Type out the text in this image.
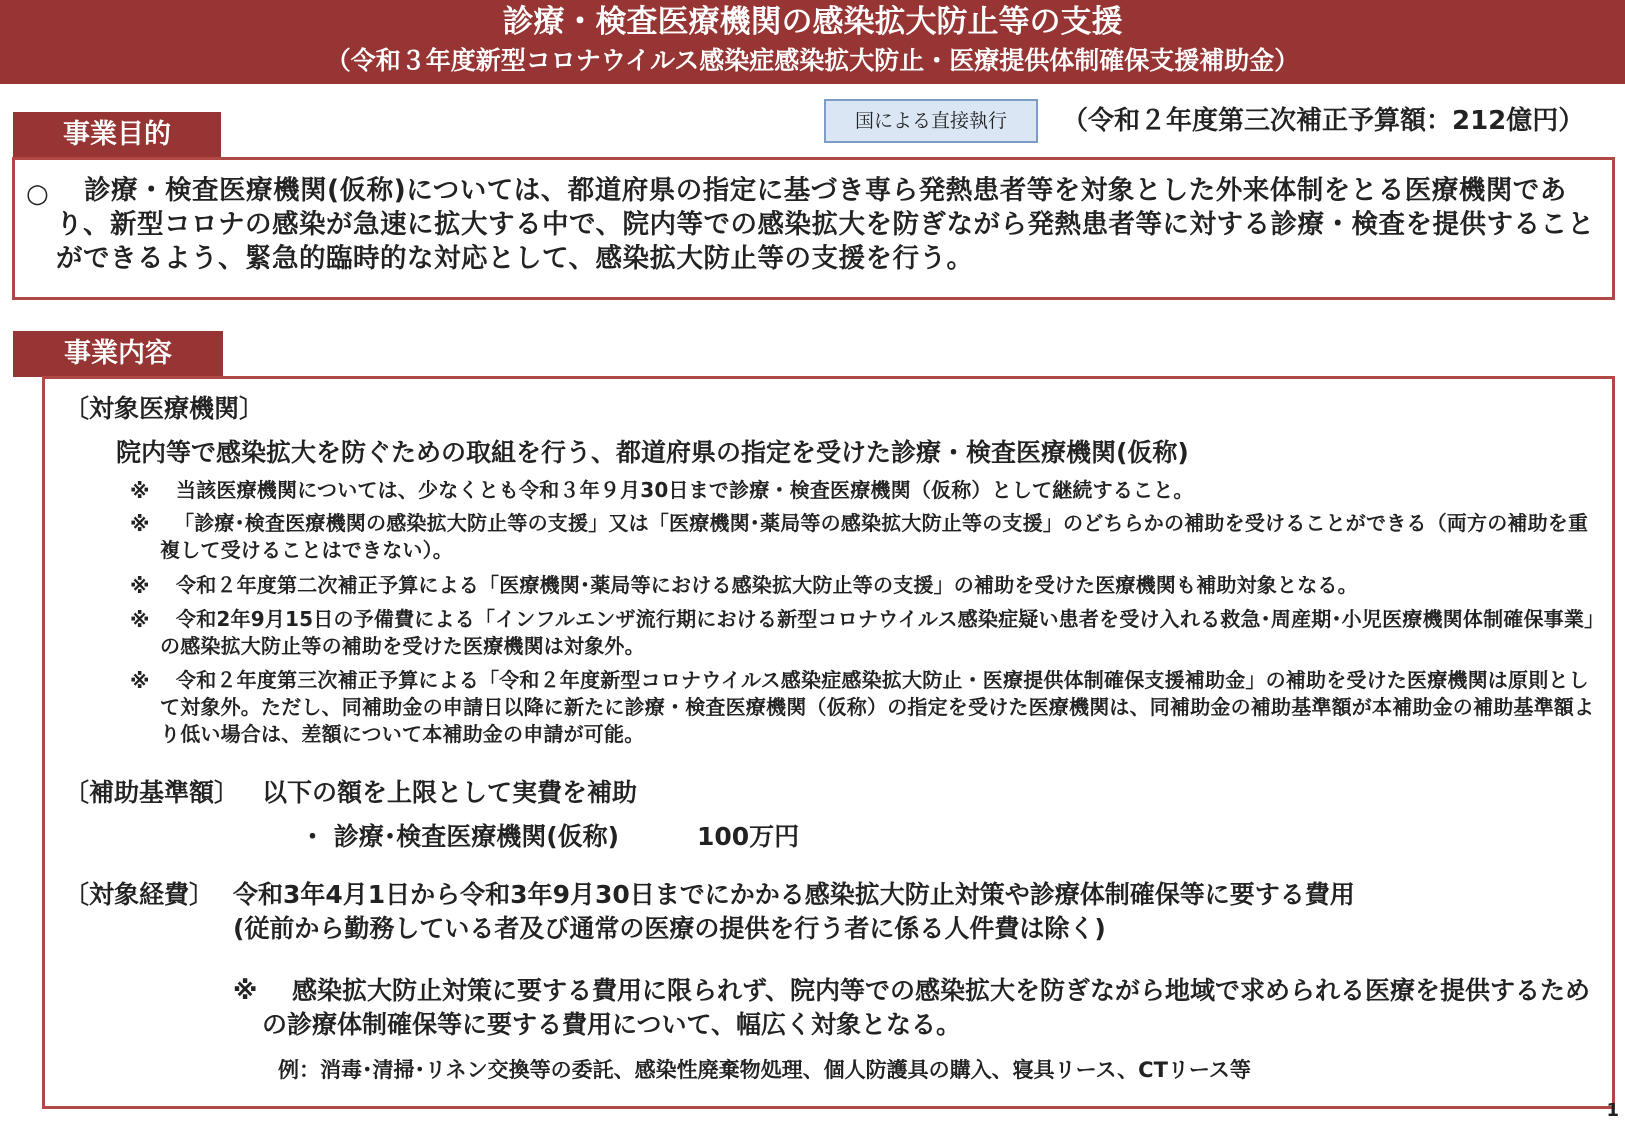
診療・検査医療機関の感染拡大防止等の支援
（令和３年度新型コロナウイルス感染症感染拡大防止・医療提供体制確保支援補助金）
事業目的	国による直接執行	（令和２年度第三次補正予算額：212億円）
○	診療・検査医療機関(仮称)については、都道府県の指定に基づき専ら発熱患者等を対象とした外来体制をとる医療機関であり、新型コロナの感染が急速に拡大する中で、院内等での感染拡大を防ぎながら発熱患者等に対する診療・検査を提供することができるよう、緊急的臨時的な対応として、感染拡大防止等の支援を行う。
事業内容
〔対象医療機関〕
院内等で感染拡大を防ぐための取組を行う、都道府県の指定を受けた診療・検査医療機関(仮称)
※ 当該医療機関については、少なくとも令和３年９月30日まで診療・検査医療機関（仮称）として継続すること。
※	「診療･検査医療機関の感染拡大防止等の支援」又は「医療機関･薬局等の感染拡大防止等の支援」のどちらかの補助を受けることができる（両方の補助を重複して受けることはできない）。
※ 令和２年度第二次補正予算による「医療機関･薬局等における感染拡大防止等の支援」の補助を受けた医療機関も補助対象となる。
※	令和2年9月15日の予備費による「インフルエンザ流行期における新型コロナウイルス感染症疑い患者を受け入れる救急･周産期･小児医療機関体制確保事業」の感染拡大防止等の補助を受けた医療機関は対象外。
※	令和２年度第三次補正予算による「令和２年度新型コロナウイルス感染症感染拡大防止・医療提供体制確保支援補助金」の補助を受けた医療機関は原則として対象外。ただし、同補助金の申請日以降に新たに診療・検査医療機関（仮称）の指定を受けた医療機関は、同補助金の補助基準額が本補助金の補助基準額より低い場合は、差額について本補助金の申請が可能。
〔補助基準額〕 以下の額を上限として実費を補助
・ 診療･検査医療機関(仮称)	100万円
〔対象経費〕 令和3年4月1日から令和3年9月30日までにかかる感染拡大防止対策や診療体制確保等に要する費用
(従前から勤務している者及び通常の医療の提供を行う者に係る人件費は除く)
※	感染拡大防止対策に要する費用に限られず、院内等での感染拡大を防ぎながら地域で求められる医療を提供するための診療体制確保等に要する費用について、幅広く対象となる。
例：消毒･清掃･リネン交換等の委託、感染性廃棄物処理、個人防護具の購入、寝具リース、CTリース等
1
